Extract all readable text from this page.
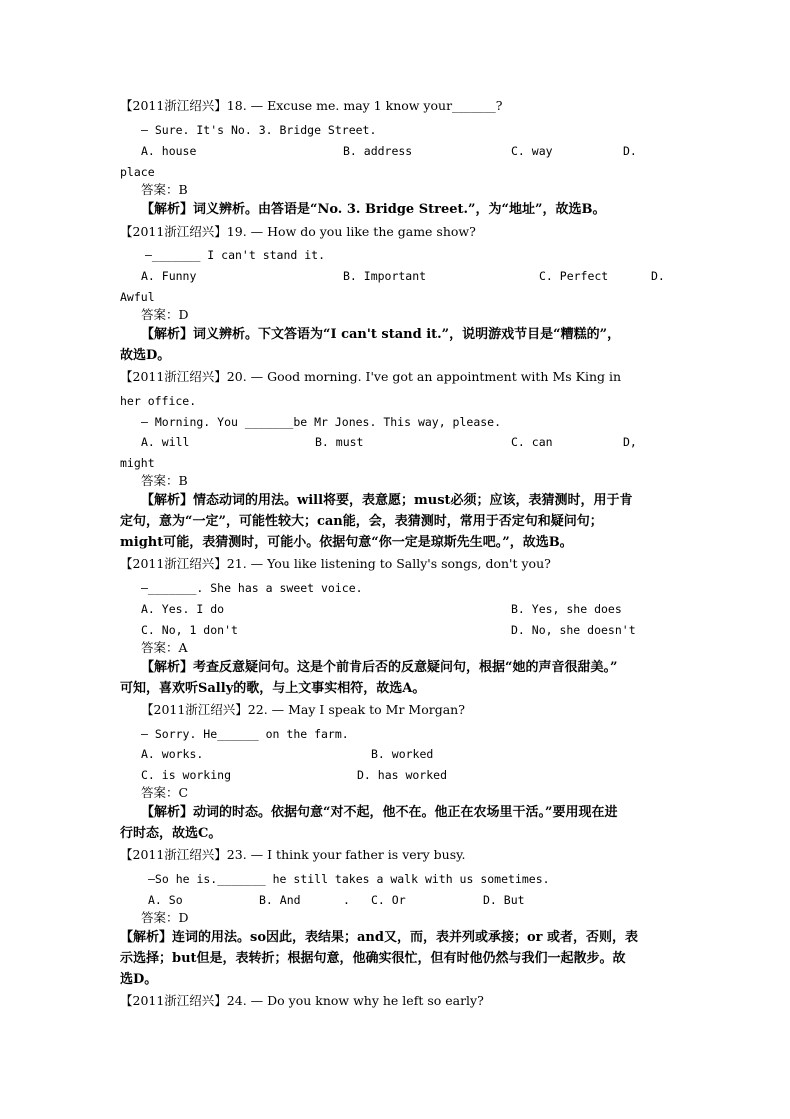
【2011浙江绍兴】18. — Excuse me. may 1 know your_______?
— Sure. It's No. 3. Bridge Street.
A. house	B. address	C. way	D.
place
答案：B
【解析】词义辨析。由答语是“No. 3. Bridge Street.”，为“地址”，故选B。
【2011浙江绍兴】19. — How do you like the game show?
—_______ I can't stand it.
A. Funny	B. Important	C. Perfect	D.
Awful
答案：D
【解析】词义辨析。下文答语为“I can't stand it.”，说明游戏节目是“糟糕的”，
故选D。
【2011浙江绍兴】20. — Good morning. I've got an appointment with Ms King in
her office.
— Morning. You _______be Mr Jones. This way, please.
A. will	B. must	C. can	D,
might
答案：B
【解析】情态动词的用法。will将要，表意愿；must必须；应该，表猜测时，用于肯
定句，意为“一定”，可能性较大；can能，会，表猜测时，常用于否定句和疑问句；
might可能，表猜测时，可能小。依据句意“你一定是琼斯先生吧。”，故选B。
【2011浙江绍兴】21. — You like listening to Sally's songs, don't you?
—_______. She has a sweet voice.
A. Yes. I do	B. Yes, she does
C. No, 1 don't	D. No, she doesn't
答案：A
【解析】考查反意疑问句。这是个前肯后否的反意疑问句，根据“她的声音很甜美。”
可知，喜欢听Sally的歌，与上文事实相符，故选A。
【2011浙江绍兴】22. — May I speak to Mr Morgan?
— Sorry. He______ on the farm.
A. works.	B. worked
C. is working	D. has worked
答案：C
【解析】动词的时态。依据句意“对不起，他不在。他正在农场里干活。”要用现在进
行时态，故选C。
【2011浙江绍兴】23. — I think your father is very busy.
—So he is._______ he still takes a walk with us sometimes.
A. So	B. And	. C. Or	D. But
答案：D
【解析】连词的用法。so因此，表结果；and又，而，表并列或承接；or 或者，否则，表
示选择；but但是，表转折；根据句意，他确实很忙，但有时他仍然与我们一起散步。故
选D。
【2011浙江绍兴】24. — Do you know why he left so early?
